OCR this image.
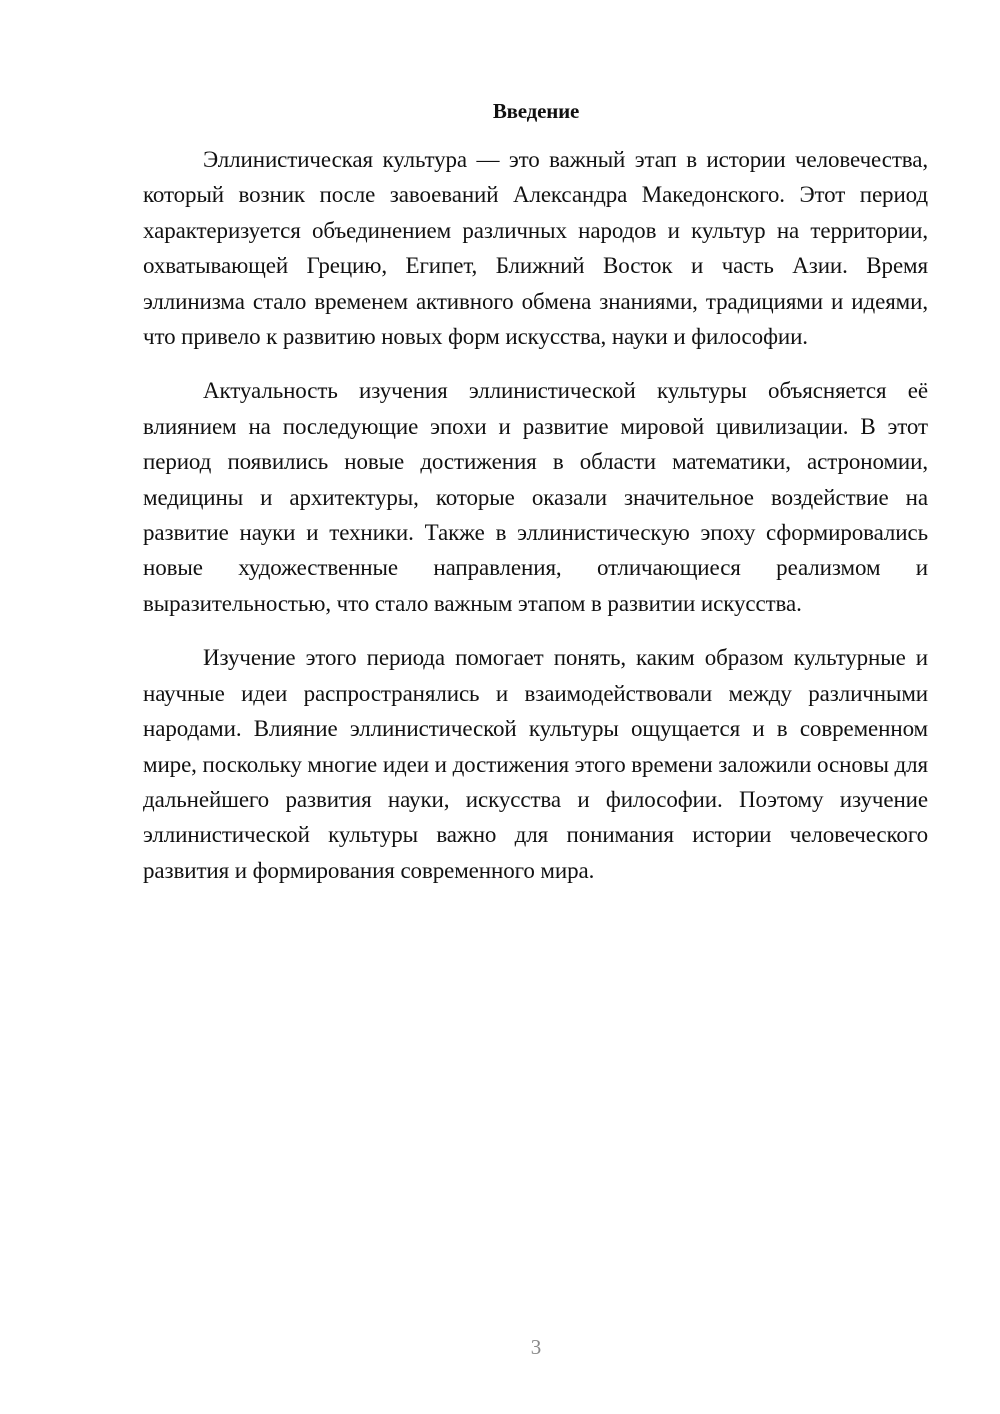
Введение

Эллинистическая культура — это важный этап в истории человечества, который возник после завоеваний Александра Македонского. Этот период характеризуется объединением различных народов и культур на территории, охватывающей Грецию, Египет, Ближний Восток и часть Азии. Время эллинизма стало временем активного обмена знаниями, традициями и идеями, что привело к развитию новых форм искусства, науки и философии.

Актуальность изучения эллинистической культуры объясняется её влиянием на последующие эпохи и развитие мировой цивилизации. В этот период появились новые достижения в области математики, астрономии, медицины и архитектуры, которые оказали значительное воздействие на развитие науки и техники. Также в эллинистическую эпоху сформировались новые художественные направления, отличающиеся реализмом и выразительностью, что стало важным этапом в развитии искусства.

Изучение этого периода помогает понять, каким образом культурные и научные идеи распространялись и взаимодействовали между различными народами. Влияние эллинистической культуры ощущается и в современном мире, поскольку многие идеи и достижения этого времени заложили основы для дальнейшего развития науки, искусства и философии. Поэтому изучение эллинистической культуры важно для понимания истории человеческого развития и формирования современного мира.

3
